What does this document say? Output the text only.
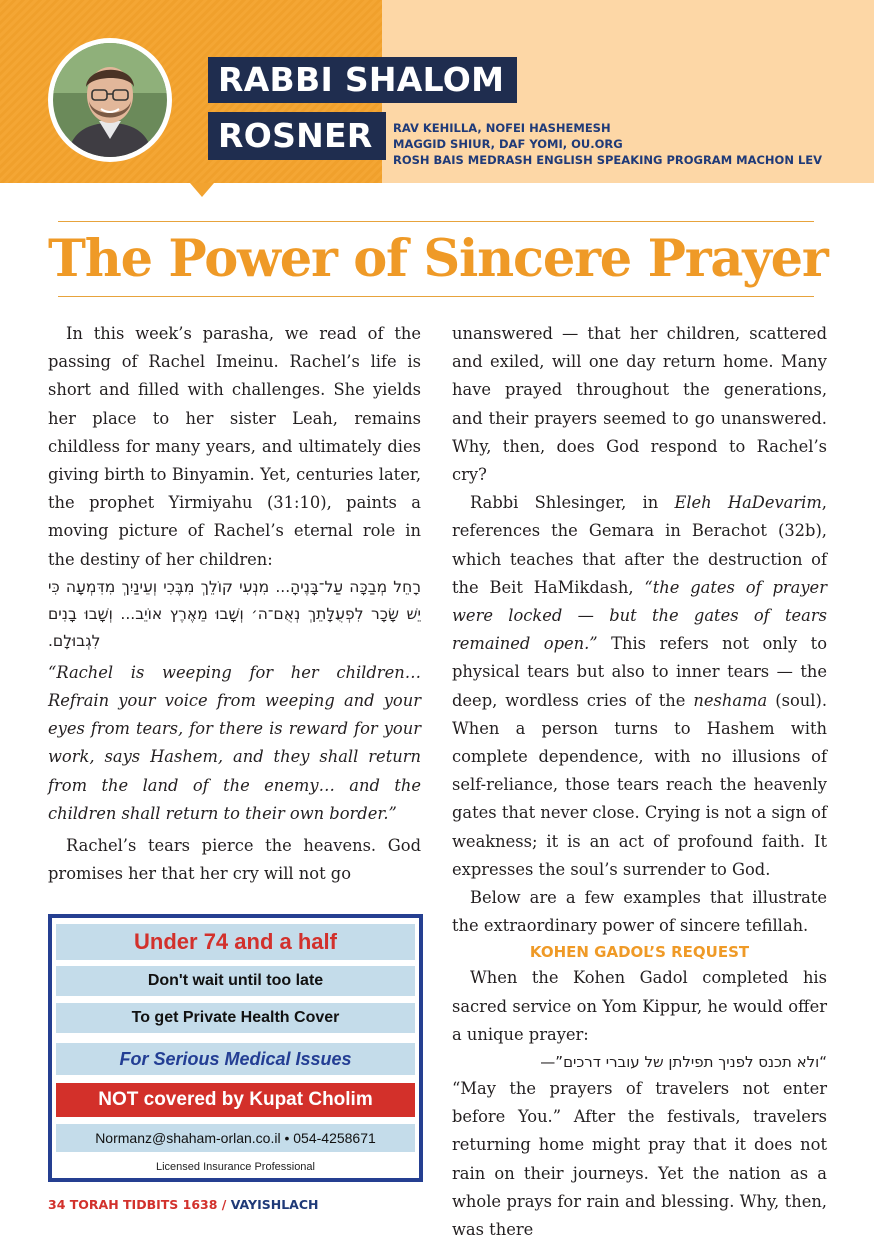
RABBI SHALOM
ROSNER	RAV KEHILLA, NOFEI HASHEMESH
MAGGID SHIUR, DAF YOMI, OU.ORG
ROSH BAIS MEDRASH ENGLISH SPEAKING PROGRAM MACHON LEV
The Power of Sincere Prayer

In this week’s parasha, we read of the passing of Rachel Imeinu. Rachel’s life is short and filled with challenges. She yields her place to her sister Leah, remains childless for many years, and ultimately dies giving birth to Binyamin. Yet, centuries later, the prophet Yirmiyahu (31:10), paints a moving picture of Rachel’s eternal role in the destiny of her children:

רָחֵל מְבַכָּה עַל־בָּנֶיהָ... מִנְעִי קוֹלֵךְ מִבֶּכִי וְעֵינַיִךְ מִדִּמְעָה כִּי יֵשׁ שָׂכָר לִפְעֻלָּתֵךְ נְאֻם־ה׳ וְשָׁבוּ מֵאֶרֶץ אוֹיֵב... וְשָׁבוּ בָנִים לִגְבוּלָם.

“Rachel is weeping for her children… Refrain your voice from weeping and your eyes from tears, for there is reward for your work, says Hashem, and they shall return from the land of the enemy… and the children shall return to their own border.”

Rachel’s tears pierce the heavens. God promises her that her cry will not go

unanswered — that her children, scattered and exiled, will one day return home. Many have prayed throughout the generations, and their prayers seemed to go unanswered. Why, then, does God respond to Rachel’s cry?

Rabbi Shlesinger, in Eleh HaDevarim, references the Gemara in Berachot (32b), which teaches that after the destruction of the Beit HaMikdash, “the gates of prayer were locked — but the gates of tears remained open.” This refers not only to physical tears but also to inner tears — the deep, wordless cries of the neshama (soul). When a person turns to Hashem with complete dependence, with no illusions of self-reliance, those tears reach the heavenly gates that never close. Crying is not a sign of weakness; it is an act of profound faith. It expresses the soul’s surrender to God.

Below are a few examples that illustrate the extraordinary power of sincere tefillah.

KOHEN GADOL’S REQUEST

When the Kohen Gadol completed his sacred service on Yom Kippur, he would offer a unique prayer:

“ולא תכנס לפניך תפילתן של עוברי דרכים”—

“May the prayers of travelers not enter before You.” After the festivals, travelers returning home might pray that it does not rain on their journeys. Yet the nation as a whole prays for rain and blessing. Why, then, was there

Under 74 and a half
Don't wait until too late
To get Private Health Cover
For Serious Medical Issues
NOT covered by Kupat Cholim
Normanz@shaham-orlan.co.il • 054-4258671
Licensed Insurance Professional
34 TORAH TIDBITS 1638 / VAYISHLACH
